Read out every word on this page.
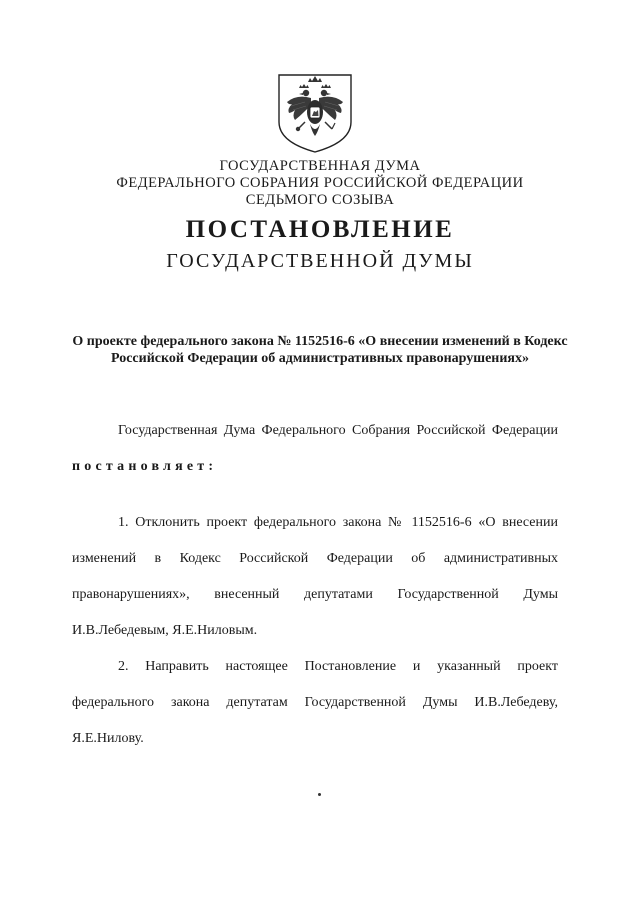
ГОСУДАРСТВЕННАЯ ДУМА
ФЕДЕРАЛЬНОГО СОБРАНИЯ РОССИЙСКОЙ ФЕДЕРАЦИИ
СЕДЬМОГО СОЗЫВА
ПОСТАНОВЛЕНИЕ
ГОСУДАРСТВЕННОЙ ДУМЫ
О проекте федерального закона № 1152516-6 «О внесении изменений в Кодекс Российской Федерации об административных правонарушениях»
Государственная Дума Федерального Собрания Российской Федерации постановляет:
1. Отклонить проект федерального закона № 1152516-6 «О внесении изменений в Кодекс Российской Федерации об административных правонарушениях», внесенный депутатами Государственной Думы И.В.Лебедевым, Я.Е.Ниловым.
2. Направить настоящее Постановление и указанный проект федерального закона депутатам Государственной Думы И.В.Лебедеву, Я.Е.Нилову.
